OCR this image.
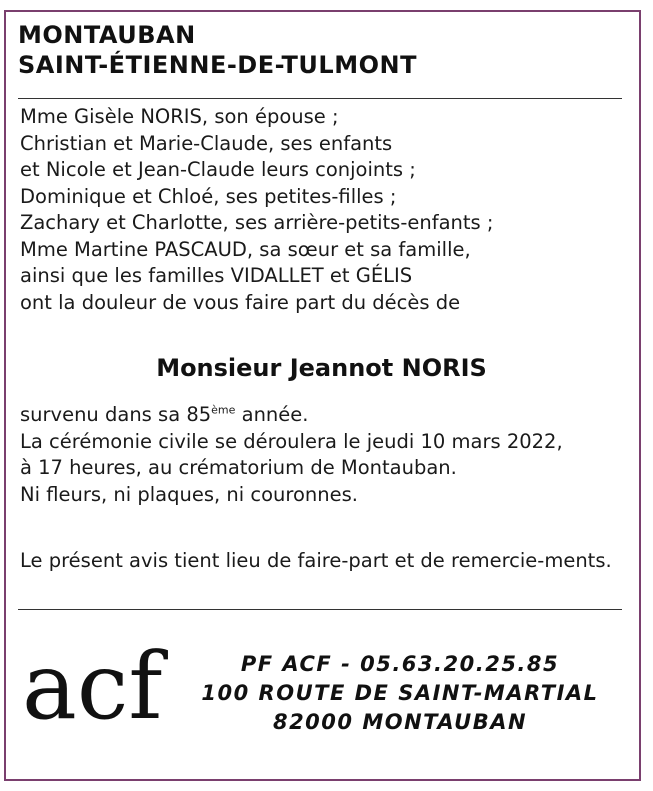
MONTAUBAN
SAINT-ÉTIENNE-DE-TULMONT
Mme Gisèle NORIS, son épouse ;
Christian et Marie-Claude, ses enfants
et Nicole et Jean-Claude leurs conjoints ;
Dominique et Chloé, ses petites-filles ;
Zachary et Charlotte, ses arrière-petits-enfants ;
Mme Martine PASCAUD, sa sœur et sa famille,
ainsi que les familles VIDALLET et GÉLIS
ont la douleur de vous faire part du décès de
Monsieur Jeannot NORIS
survenu dans sa 85ème année.
La cérémonie civile se déroulera le jeudi 10 mars 2022,
à 17 heures, au crématorium de Montauban.
Ni fleurs, ni plaques, ni couronnes.
Le présent avis tient lieu de faire-part et de remercie-ments.
acf	PF ACF - 05.63.20.25.85
100 ROUTE DE SAINT-MARTIAL
82000 MONTAUBAN
